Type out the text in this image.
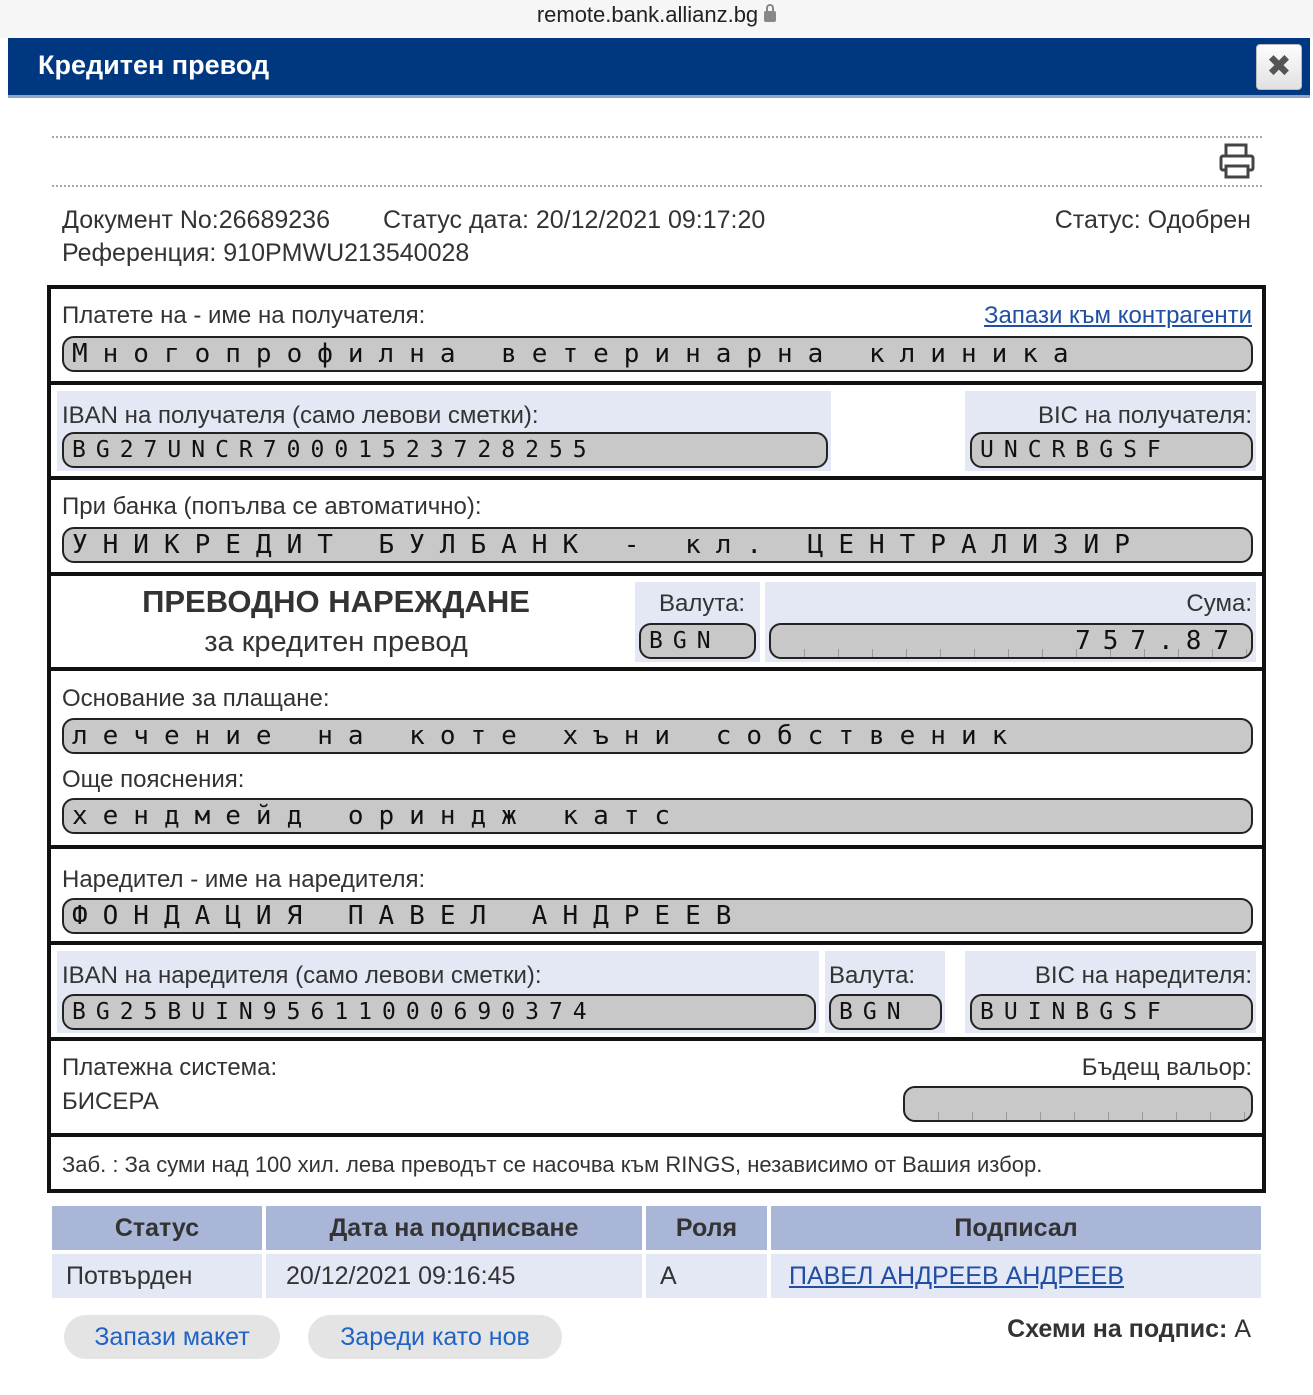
remote.bank.allianz.bg
Кредитен превод	✖
Документ No:26689236 Статус дата: 20/12/2021 09:17:20	Статус: Одобрен
Референция: 910PMWU213540028
Платете на - име на получателя:	Запази към контрагенти
Многопрофилна ветеринарна клиника
IBAN на получателя (само левови сметки):
BG27UNCR70001523728255
BIC на получателя:
UNCRBGSF
При банка (попълва се автоматично):
УНИКРЕДИТ БУЛБАНК - кл. ЦЕНТРАЛИЗИР
ПРЕВОДНО НАРЕЖДАНЕ
за кредитен превод
Валута:
BGN
Сума:
757.87
Основание за плащане:
лечение на коте хъни собственик
Още пояснения:
хендмейд ориндж катс
Наредител - име на наредителя:
ФОНДАЦИЯ ПАВЕЛ АНДРЕЕВ
IBAN на наредителя (само левови сметки):
BG25BUIN95611000690374
Валута:
BGN
BIC на наредителя:
BUINBGSF
Платежна система:
БИСЕРА
Бъдещ вальор:
Заб. : За суми над 100 хил. лева преводът се насочва към RINGS, независимо от Вашия избор.
Статус	Дата на подписване	Роля	Подписал
Потвърден	20/12/2021 09:16:45	A	ПАВЕЛ АНДРЕЕВ АНДРЕЕВ
Запази макет	Зареди като нов	Схеми на подпис: A
